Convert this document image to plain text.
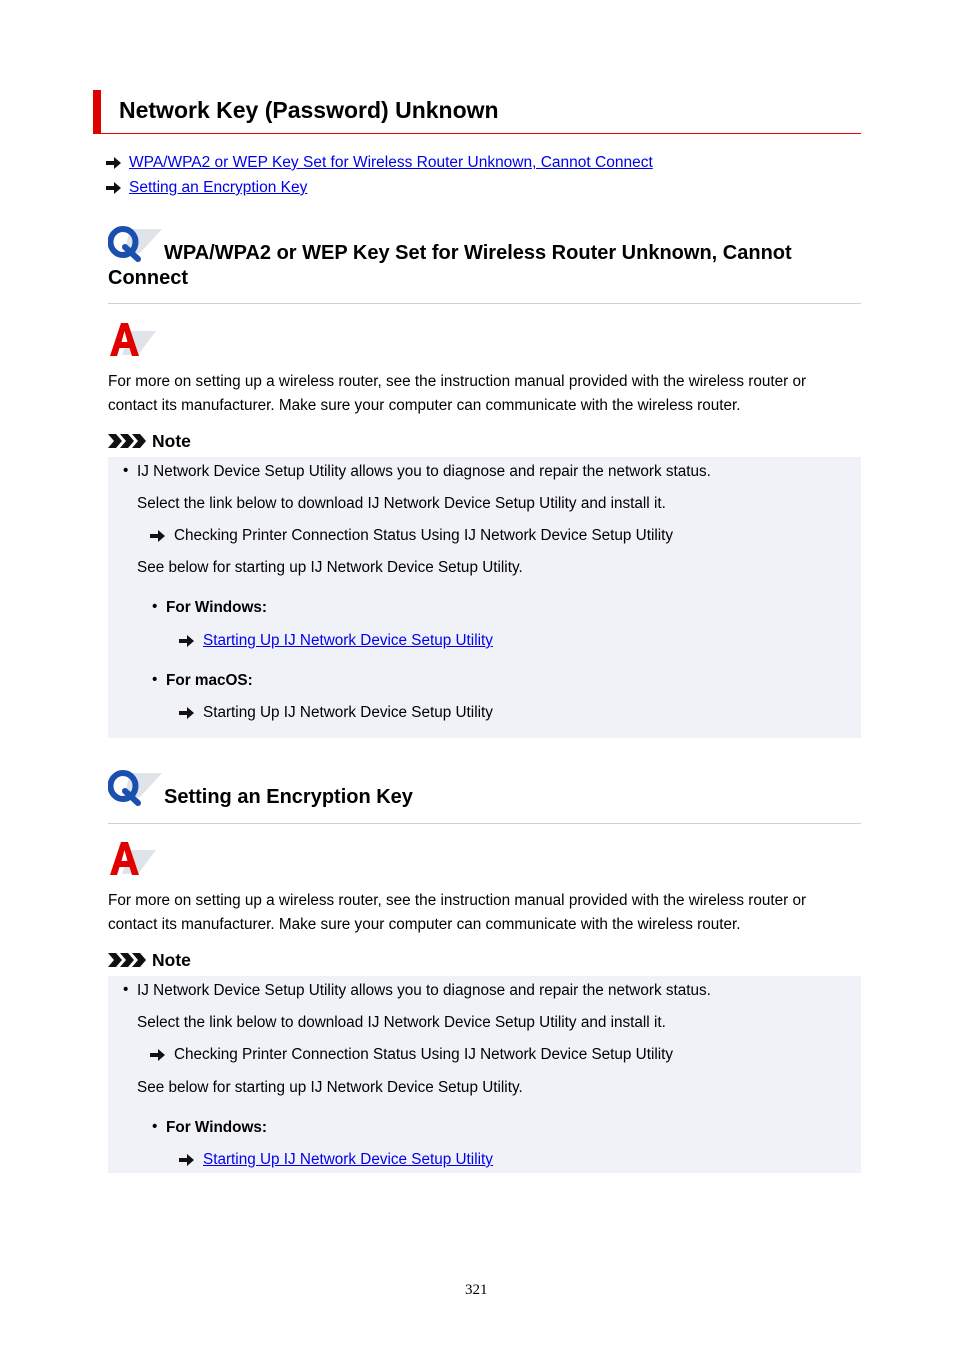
Network Key (Password) Unknown
WPA/WPA2 or WEP Key Set for Wireless Router Unknown, Cannot Connect
Setting an Encryption Key
WPA/WPA2 or WEP Key Set for Wireless Router Unknown, Cannot
Connect
For more on setting up a wireless router, see the instruction manual provided with the wireless router or
contact its manufacturer. Make sure your computer can communicate with the wireless router.
Note
• IJ Network Device Setup Utility allows you to diagnose and repair the network status.
Select the link below to download IJ Network Device Setup Utility and install it.
Checking Printer Connection Status Using IJ Network Device Setup Utility
See below for starting up IJ Network Device Setup Utility.
• For Windows:
Starting Up IJ Network Device Setup Utility
• For macOS:
Starting Up IJ Network Device Setup Utility
Setting an Encryption Key
For more on setting up a wireless router, see the instruction manual provided with the wireless router or
contact its manufacturer. Make sure your computer can communicate with the wireless router.
Note
• IJ Network Device Setup Utility allows you to diagnose and repair the network status.
Select the link below to download IJ Network Device Setup Utility and install it.
Checking Printer Connection Status Using IJ Network Device Setup Utility
See below for starting up IJ Network Device Setup Utility.
• For Windows:
Starting Up IJ Network Device Setup Utility
321
